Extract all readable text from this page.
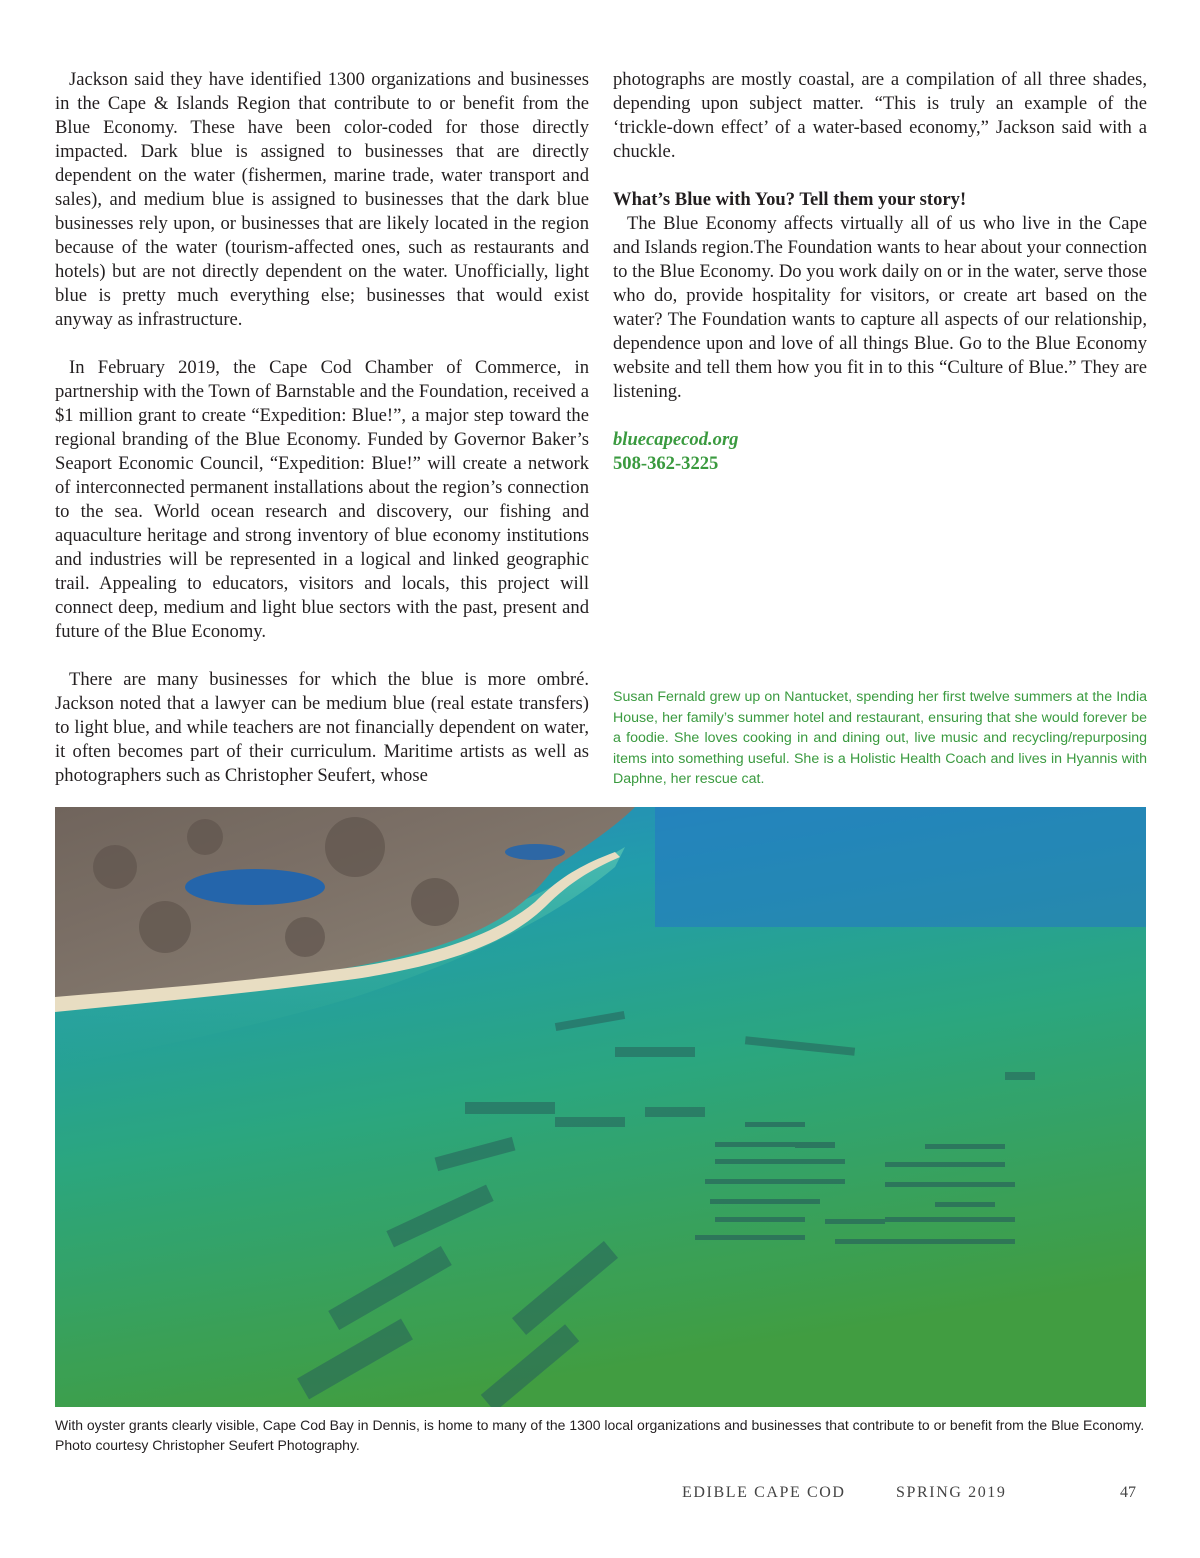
Jackson said they have identified 1300 organizations and businesses in the Cape & Islands Region that contribute to or benefit from the Blue Economy. These have been color-coded for those directly impacted. Dark blue is assigned to businesses that are directly dependent on the water (fishermen, marine trade, water transport and sales), and medium blue is assigned to businesses that the dark blue businesses rely upon, or businesses that are likely located in the region because of the water (tourism-affected ones, such as restaurants and hotels) but are not directly dependent on the water. Unofficially, light blue is pretty much everything else; businesses that would exist anyway as infrastructure.

In February 2019, the Cape Cod Chamber of Commerce, in partnership with the Town of Barnstable and the Foundation, received a $1 million grant to create “Expedition: Blue!”, a major step toward the regional branding of the Blue Economy. Funded by Governor Baker’s Seaport Economic Council, “Expedition: Blue!” will create a network of interconnected permanent installations about the region’s connection to the sea. World ocean research and discovery, our fishing and aquaculture heritage and strong inventory of blue economy institutions and industries will be represented in a logical and linked geographic trail. Appealing to educators, visitors and locals, this project will connect deep, medium and light blue sectors with the past, present and future of the Blue Economy.

There are many businesses for which the blue is more ombré. Jackson noted that a lawyer can be medium blue (real estate transfers) to light blue, and while teachers are not financially dependent on water, it often becomes part of their curriculum. Maritime artists as well as photographers such as Christopher Seufert, whose

photographs are mostly coastal, are a compilation of all three shades, depending upon subject matter. “This is truly an example of the ‘trickle-down effect’ of a water-based economy,” Jackson said with a chuckle.

What’s Blue with You? Tell them your story!

The Blue Economy affects virtually all of us who live in the Cape and Islands region.The Foundation wants to hear about your connection to the Blue Economy. Do you work daily on or in the water, serve those who do, provide hospitality for visitors, or create art based on the water? The Foundation wants to capture all aspects of our relationship, dependence upon and love of all things Blue. Go to the Blue Economy website and tell them how you fit in to this “Culture of Blue.” They are listening.

bluecapecod.org
508-362-3225

Susan Fernald grew up on Nantucket, spending her first twelve summers at the India House, her family’s summer hotel and restaurant, ensuring that she would forever be a foodie. She loves cooking in and dining out, live music and recycling/repurposing items into something useful. She is a Holistic Health Coach and lives in Hyannis with Daphne, her rescue cat.

With oyster grants clearly visible, Cape Cod Bay in Dennis, is home to many of the 1300 local organizations and businesses that contribute to or benefit from the Blue Economy.
Photo courtesy Christopher Seufert Photography.

EDIBLE CAPE COD	SPRING 2019	47
